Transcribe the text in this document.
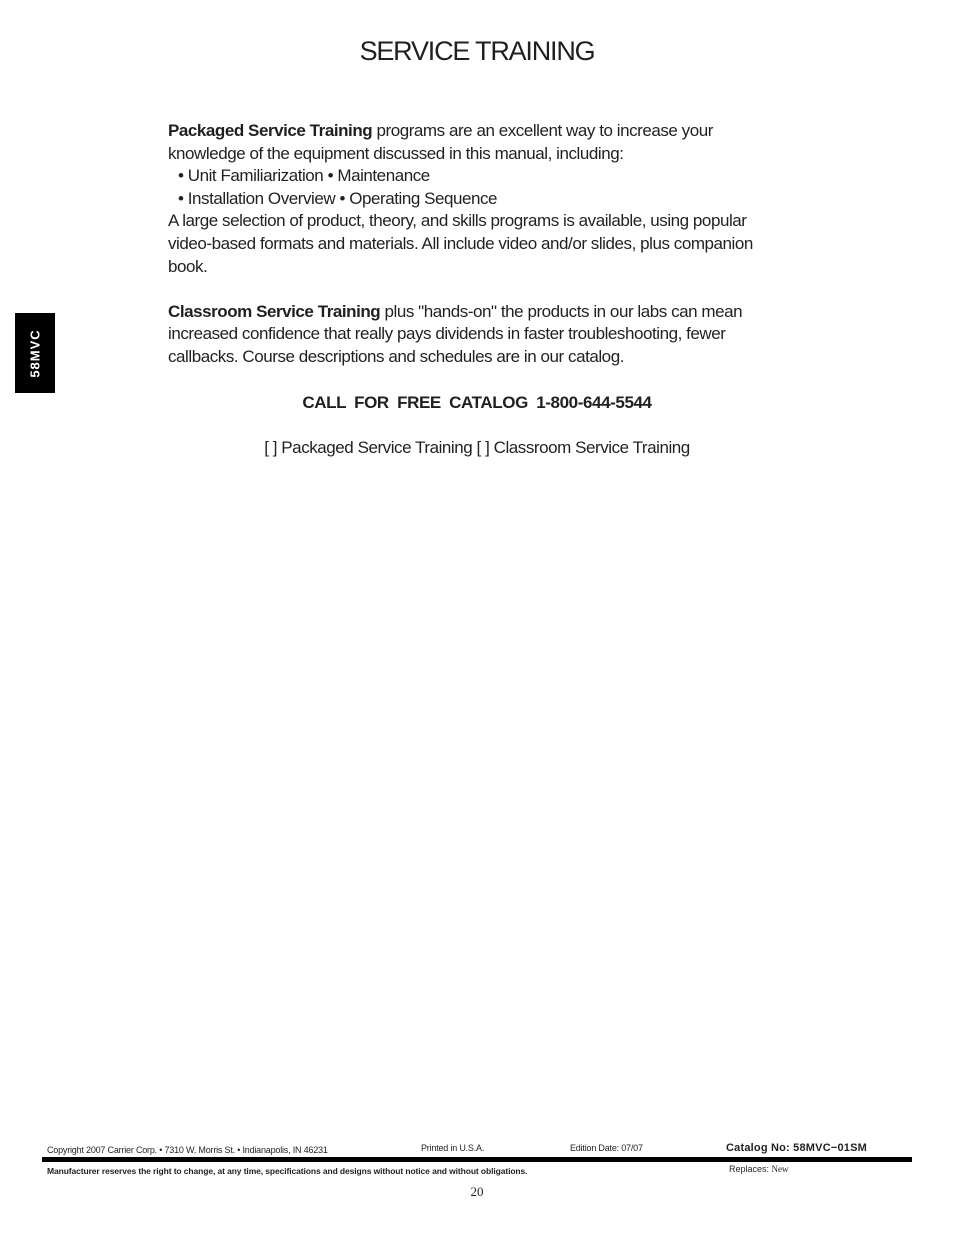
SERVICE TRAINING
58MVC

Packaged Service Training programs are an excellent way to increase your

knowledge of the equipment discussed in this manual, including:

• Unit Familiarization • Maintenance

• Installation Overview • Operating Sequence

A large selection of product, theory, and skills programs is available, using popular

video-based formats and materials. All include video and/or slides, plus companion

book.

Classroom Service Training plus "hands-on" the products in our labs can mean

increased confidence that really pays dividends in faster troubleshooting, fewer

callbacks. Course descriptions and schedules are in our catalog.

CALL FOR FREE CATALOG 1-800-644-5544
[ ] Packaged Service Training [ ] Classroom Service Training
Copyright 2007 Carrier Corp. • 7310 W. Morris St. • Indianapolis, IN 46231	Printed in U.S.A.	Edition Date: 07/07	Catalog No: 58MVC−01SM
Manufacturer reserves the right to change, at any time, specifications and designs without notice and without obligations.	Replaces: New
20
